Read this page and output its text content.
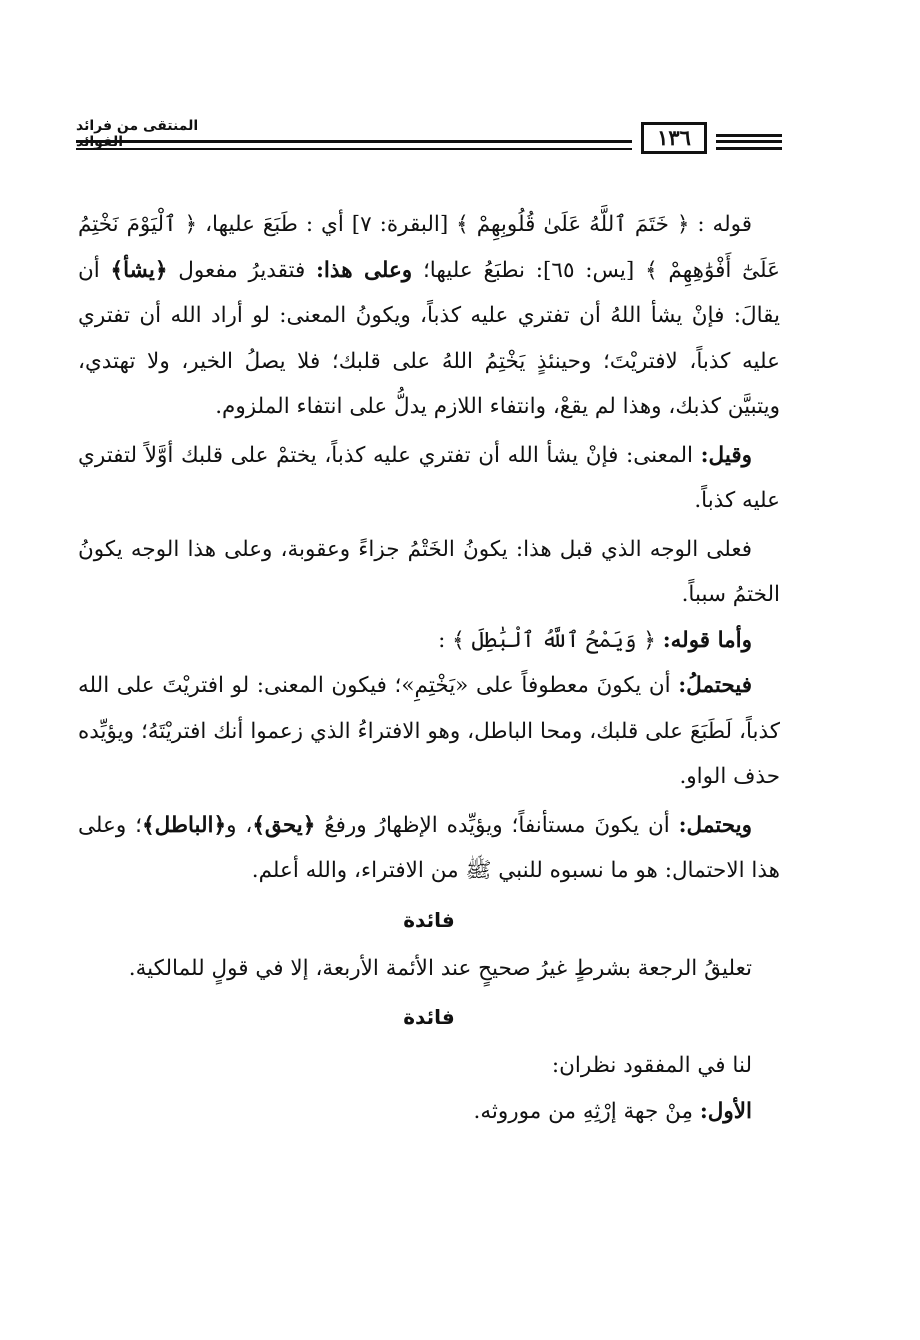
المنتقى من فرائد الفوائد	١٣٦

قوله : ﴿ خَتَمَ ٱللَّهُ عَلَىٰ قُلُوبِهِمْ ﴾ [البقرة: ٧] أي : طَبَعَ عليها، ﴿ ٱلْيَوْمَ نَخْتِمُ عَلَىٰٓ أَفْوَٰهِهِمْ ﴾ [يس: ٦٥]: نطبَعُ عليها؛ وعلى هذا: فتقديرُ مفعول ﴿يشأ﴾ أن يقالَ: فإنْ يشأ اللهُ أن تفتري عليه كذباً، ويكونُ المعنى: لو أراد الله أن تفتري عليه كذباً، لافتريْتَ؛ وحينئذٍ يَخْتِمُ اللهُ على قلبك؛ فلا يصلُ الخير، ولا تهتدي، ويتبيَّن كذبك، وهذا لم يقعْ، وانتفاء اللازم يدلُّ على انتفاء الملزوم.

وقيل: المعنى: فإنْ يشأ الله أن تفتري عليه كذباً، يختمْ على قلبك أوَّلاً لتفتري عليه كذباً.

فعلى الوجه الذي قبل هذا: يكونُ الخَتْمُ جزاءً وعقوبة، وعلى هذا الوجه يكونُ الختمُ سبباً.

وأما قوله: ﴿ وَيَمْحُ ٱللَّهُ ٱلْبَٰطِلَ ﴾ :

فيحتملُ: أن يكونَ معطوفاً على «يَخْتِمِ»؛ فيكون المعنى: لو افتريْتَ على الله كذباً، لَطَبَعَ على قلبك، ومحا الباطل، وهو الافتراءُ الذي زعموا أنك افتريْتَهُ؛ ويؤيِّده حذف الواو.

ويحتمل: أن يكونَ مستأنفاً؛ ويؤيِّده الإظهارُ ورفعُ ﴿يحق﴾، و﴿الباطل﴾؛ وعلى هذا الاحتمال: هو ما نسبوه للنبي ﷺ من الافتراء، والله أعلم.

فائدة

تعليقُ الرجعة بشرطٍ غيرُ صحيحٍ عند الأئمة الأربعة، إلا في قولٍ للمالكية.

فائدة

لنا في المفقود نظران:

الأول: مِنْ جهة إرْثِهِ من موروثه.
